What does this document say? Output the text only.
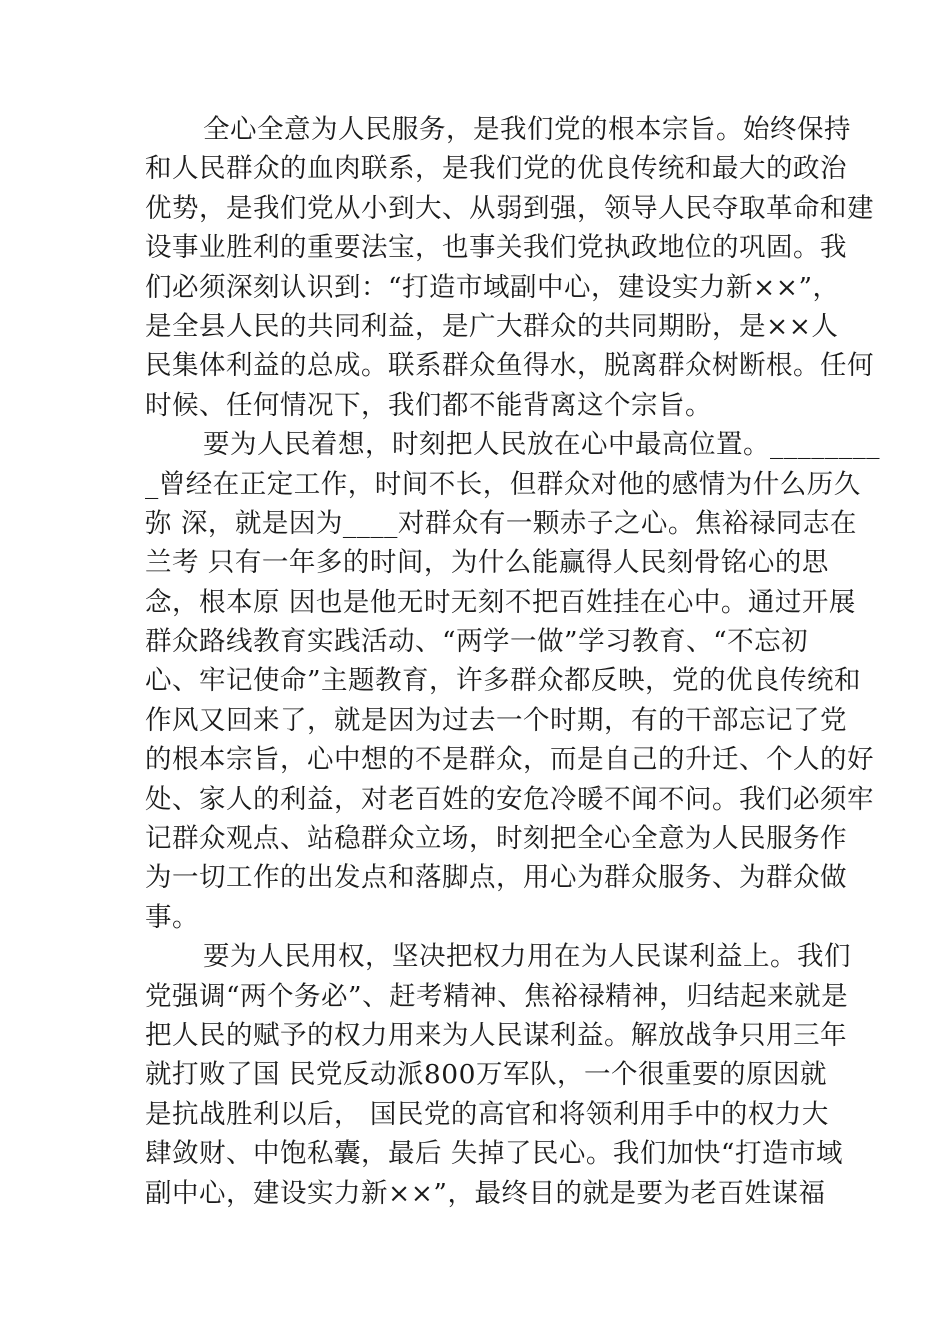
全心全意为人民服务，是我们党的根本宗旨。始终保持
和人民群众的血肉联系，是我们党的优良传统和最大的政治
优势，是我们党从小到大、从弱到强，领导人民夺取革命和建
设事业胜利的重要法宝，也事关我们党执政地位的巩固。我
们必须深刻认识到：“打造市域副中心，建设实力新××”，
是全县人民的共同利益，是广大群众的共同期盼，是××人
民集体利益的总成。联系群众鱼得水，脱离群众树断根。任何
时候、任何情况下，我们都不能背离这个宗旨。
要为人民着想，时刻把人民放在心中最高位置。________
_曾经在正定工作，时间不长，但群众对他的感情为什么历久
弥 深，就是因为____对群众有一颗赤子之心。焦裕禄同志在
兰考 只有一年多的时间，为什么能赢得人民刻骨铭心的思
念，根本原 因也是他无时无刻不把百姓挂在心中。通过开展
群众路线教育实践活动、“两学一做”学习教育、“不忘初
心、牢记使命”主题教育，许多群众都反映，党的优良传统和
作风又回来了，就是因为过去一个时期，有的干部忘记了党
的根本宗旨，心中想的不是群众，而是自己的升迁、个人的好
处、家人的利益，对老百姓的安危冷暖不闻不问。我们必须牢
记群众观点、站稳群众立场，时刻把全心全意为人民服务作
为一切工作的出发点和落脚点，用心为群众服务、为群众做
事。
要为人民用权，坚决把权力用在为人民谋利益上。我们
党强调“两个务必”、赶考精神、焦裕禄精神，归结起来就是
把人民的赋予的权力用来为人民谋利益。解放战争只用三年
就打败了国 民党反动派800万军队，一个很重要的原因就
是抗战胜利以后， 国民党的高官和将领利用手中的权力大
肆敛财、中饱私囊，最后 失掉了民心。我们加快“打造市域
副中心，建设实力新××”，最终目的就是要为老百姓谋福
